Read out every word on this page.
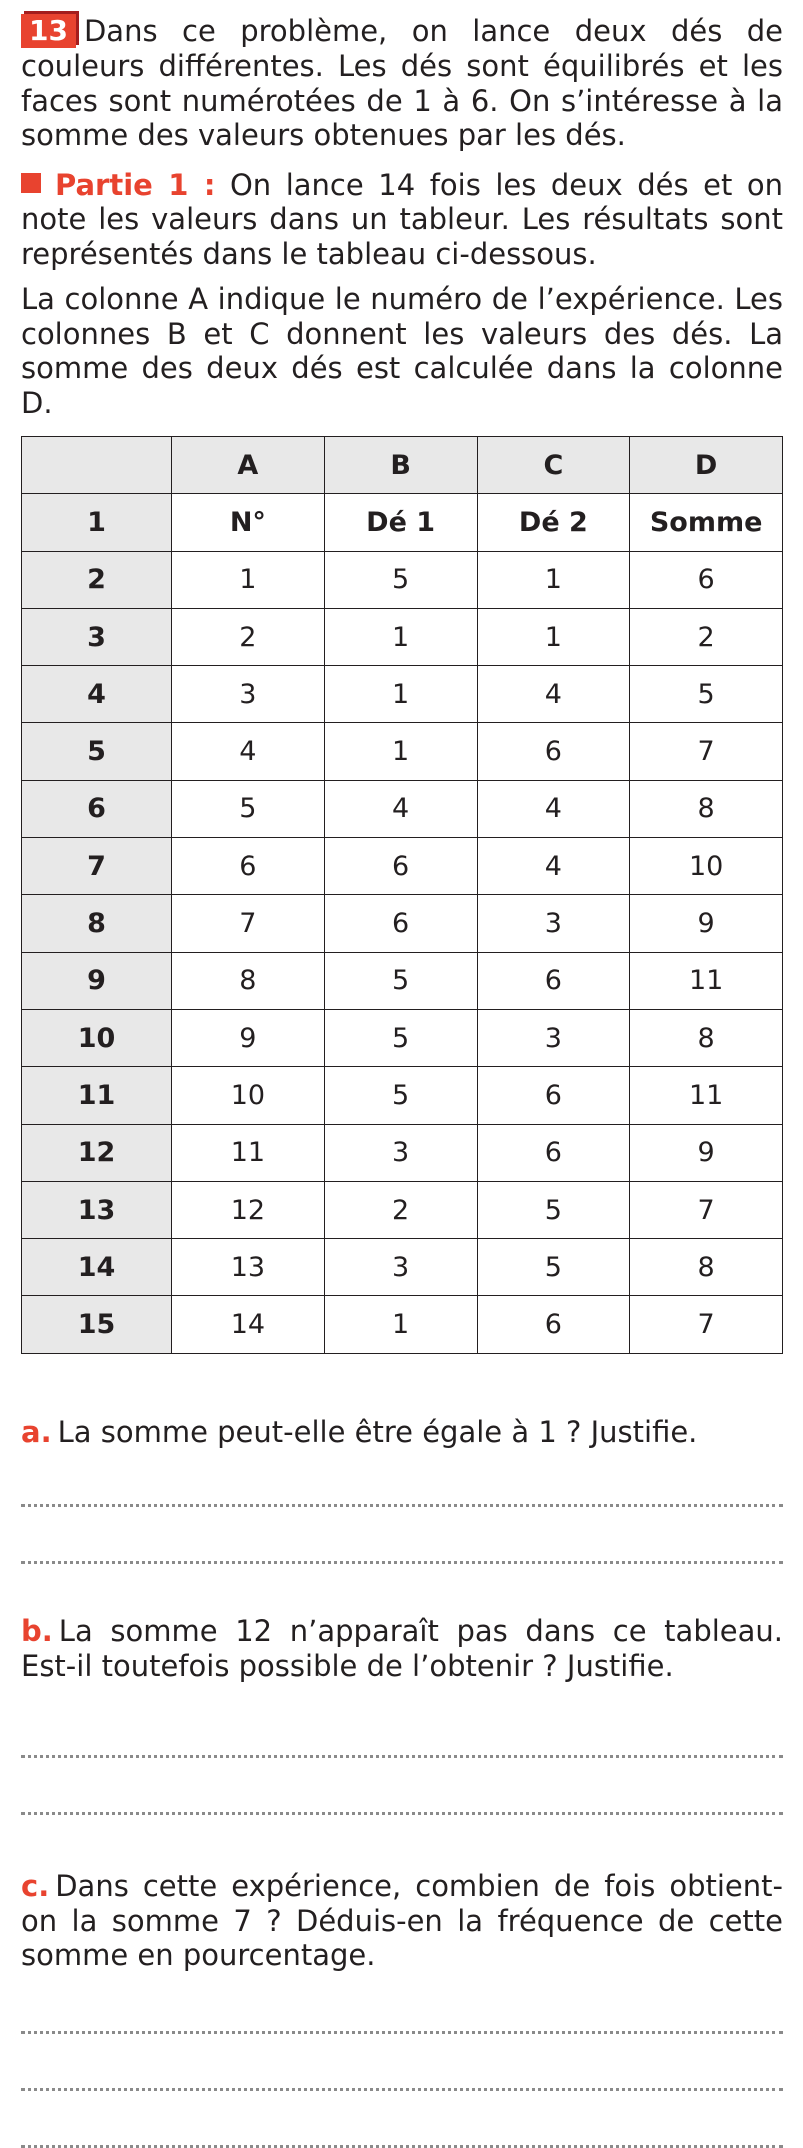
13 Dans ce problème, on lance deux dés de couleurs différentes. Les dés sont équilibrés et les faces sont numérotées de 1 à 6. On s’intéresse à la somme des valeurs obtenues par les dés.

Partie 1 : On lance 14 fois les deux dés et on note les valeurs dans un tableur. Les résultats sont représentés dans le tableau ci-dessous.

La colonne A indique le numéro de l’expérience. Les colonnes B et C donnent les valeurs des dés. La somme des deux dés est calculée dans la colonne D.

	A	B	C	D
1	N°	Dé 1	Dé 2	Somme
2	1	5	1	6
3	2	1	1	2
4	3	1	4	5
5	4	1	6	7
6	5	4	4	8
7	6	6	4	10
8	7	6	3	9
9	8	5	6	11
10	9	5	3	8
11	10	5	6	11
12	11	3	6	9
13	12	2	5	7
14	13	3	5	8
15	14	1	6	7

a. La somme peut-elle être égale à 1 ? Justifie.

b. La somme 12 n’apparaît pas dans ce tableau. Est-il toutefois possible de l’obtenir ? Justifie.

c. Dans cette expérience, combien de fois obtient-on la somme 7 ? Déduis-en la fréquence de cette somme en pourcentage.
